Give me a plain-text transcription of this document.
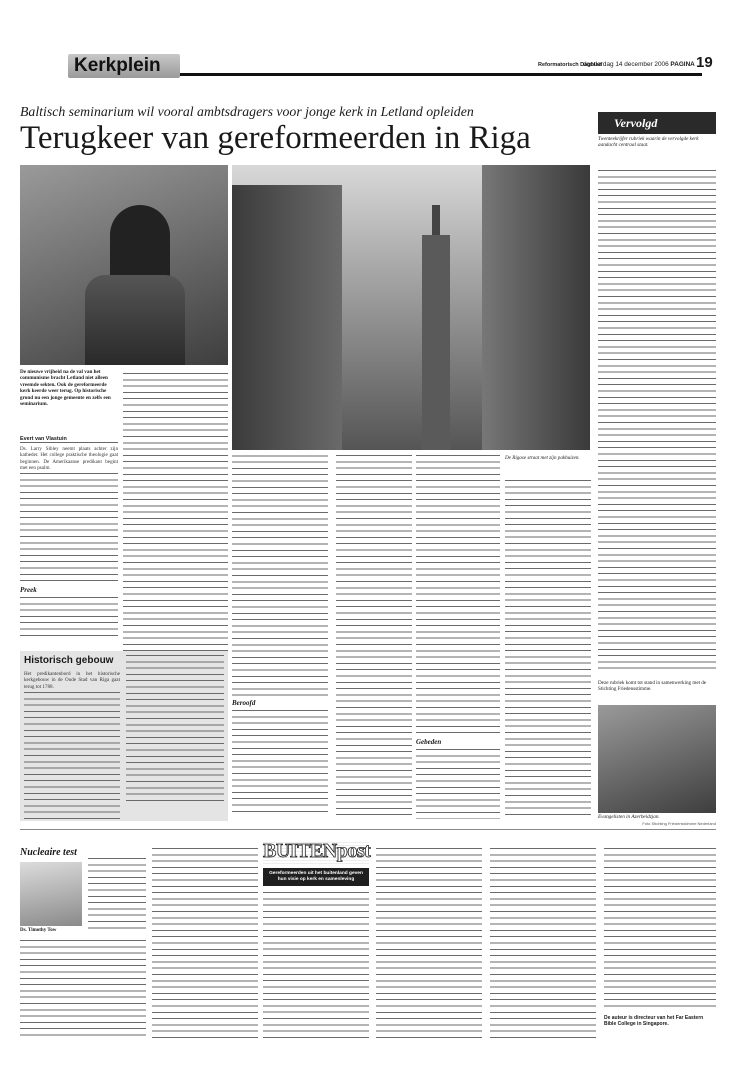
Kerkplein	Reformatorisch Dagblad
donderdag 14 december 2006 PAGINA 19
Baltisch seminarium wil vooral ambtsdragers voor jonge kerk in Letland opleiden
Terugkeer van gereformeerden in Riga
De nieuwe vrijheid na de val van het communisme bracht Letland niet alleen vreemde sekten. Ook de gereformeerde kerk keerde weer terug. Op historische grond nu een jonge gemeente en zelfs een seminarium.
Evert van Vlastuin

Ds. Larry Sibley neemt plaats achter zijn katheder. Het college praktische theologie gaat beginnen. De Amerikaanse predikant begint met een psalm.

Preek
Historisch gebouw

Het predikantenbord in het historische kerkgebouw in de Oude Stad van Riga gaat terug tot 1788.

Beroofd
Gebeden
De Rigase straat met zijn pakhuizen.
Vervolgd
Twenteekrijfer rubriek waarin de vervolgde kerk aandacht centraal staat.
Deze rubriek komt tot stand in samenwerking met de Stichting Friedensstimme.
Evangelisten in Azerbeidzjan.
Foto Stichting Friedensstimme Nederland
Nucleaire test
Ds. Timothy Tow
BUITENpost
Gereformeerden uit het buitenland geven hun visie op kerk en samenleving
De auteur is directeur van het Far Eastern Bible College in Singapore.
